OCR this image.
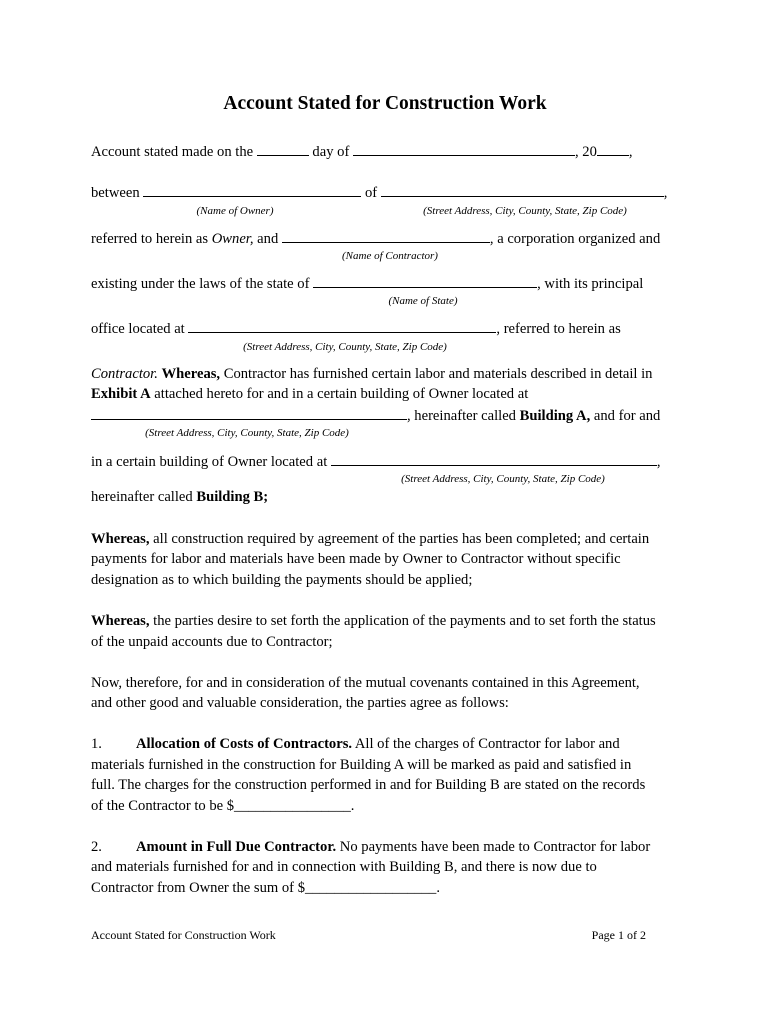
Account Stated for Construction Work
Account stated made on the	day of	, 20 ,
between	of	,
(Name of Owner)	(Street Address, City, County, State, Zip Code)
referred to herein as Owner, and	, a corporation organized and
(Name of Contractor)
existing under the laws of the state of	, with its principal
(Name of State)
office located at	, referred to herein as
(Street Address, City, County, State, Zip Code)
Contractor. Whereas, Contractor has furnished certain labor and materials described in detail in
Exhibit A attached hereto for and in a certain building of Owner located at
, hereinafter called Building A, and for and
(Street Address, City, County, State, Zip Code)
in a certain building of Owner located at	,
(Street Address, City, County, State, Zip Code)
hereinafter called Building B;
Whereas, all construction required by agreement of the parties has been completed; and certain
payments for labor and materials have been made by Owner to Contractor without specific
designation as to which building the payments should be applied;
Whereas, the parties desire to set forth the application of the payments and to set forth the status
of the unpaid accounts due to Contractor;
Now, therefore, for and in consideration of the mutual covenants contained in this Agreement,
and other good and valuable consideration, the parties agree as follows:
1. Allocation of Costs of Contractors. All of the charges of Contractor for labor and
materials furnished in the construction for Building A will be marked as paid and satisfied in
full. The charges for the construction performed in and for Building B are stated on the records
of the Contractor to be $________________.
2. Amount in Full Due Contractor. No payments have been made to Contractor for labor
and materials furnished for and in connection with Building B, and there is now due to
Contractor from Owner the sum of $__________________.
Account Stated for Construction Work	Page 1 of 2
